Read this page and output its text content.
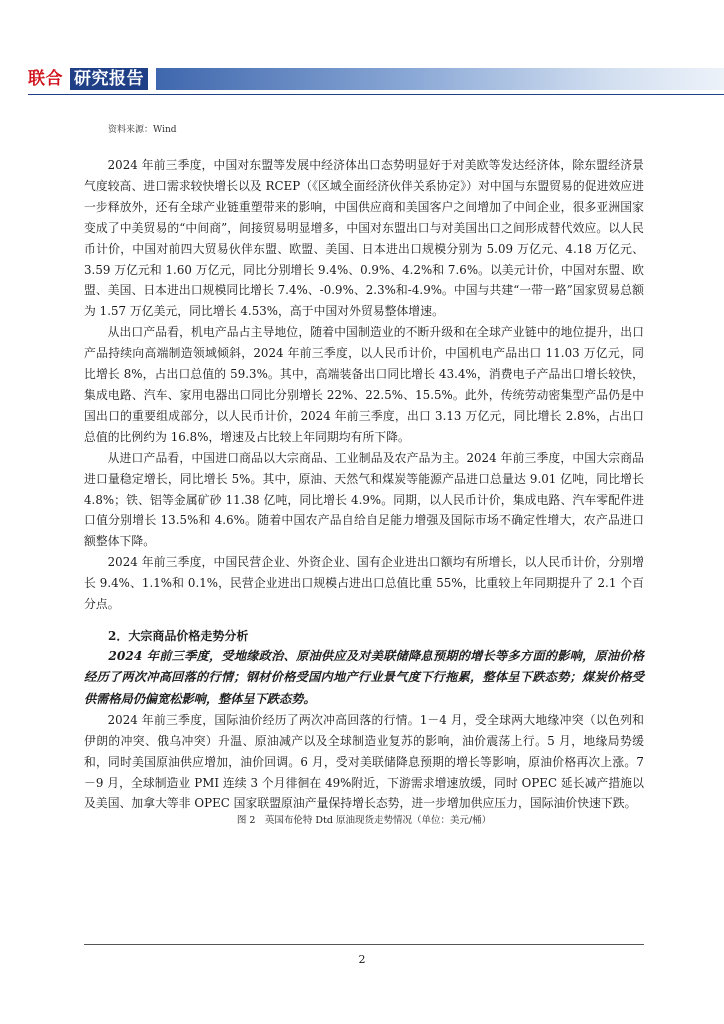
联合 研究报告
资料来源：Wind

2024 年前三季度，中国对东盟等发展中经济体出口态势明显好于对美欧等发达经济体，除东盟经济景气度较高、进口需求较快增长以及 RCEP（《区域全面经济伙伴关系协定》）对中国与东盟贸易的促进效应进一步释放外，还有全球产业链重塑带来的影响，中国供应商和美国客户之间增加了中间企业，很多亚洲国家变成了中美贸易的“中间商”，间接贸易明显增多，中国对东盟出口与对美国出口之间形成替代效应。以人民币计价，中国对前四大贸易伙伴东盟、欧盟、美国、日本进出口规模分别为 5.09 万亿元、4.18 万亿元、3.59 万亿元和 1.60 万亿元，同比分别增长 9.4%、0.9%、4.2%和 7.6%。以美元计价，中国对东盟、欧盟、美国、日本进出口规模同比增长 7.4%、-0.9%、2.3%和-4.9%。中国与共建“一带一路”国家贸易总额为 1.57 万亿美元，同比增长 4.53%，高于中国对外贸易整体增速。

从出口产品看，机电产品占主导地位，随着中国制造业的不断升级和在全球产业链中的地位提升，出口产品持续向高端制造领域倾斜，2024 年前三季度，以人民币计价，中国机电产品出口 11.03 万亿元，同比增长 8%，占出口总值的 59.3%。其中，高端装备出口同比增长 43.4%，消费电子产品出口增长较快，集成电路、汽车、家用电器出口同比分别增长 22%、22.5%、15.5%。此外，传统劳动密集型产品仍是中国出口的重要组成部分，以人民币计价，2024 年前三季度，出口 3.13 万亿元，同比增长 2.8%，占出口总值的比例约为 16.8%，增速及占比较上年同期均有所下降。

从进口产品看，中国进口商品以大宗商品、工业制品及农产品为主。2024 年前三季度，中国大宗商品进口量稳定增长，同比增长 5%。其中，原油、天然气和煤炭等能源产品进口总量达 9.01 亿吨，同比增长 4.8%；铁、铝等金属矿砂 11.38 亿吨，同比增长 4.9%。同期，以人民币计价，集成电路、汽车零配件进口值分别增长 13.5%和 4.6%。随着中国农产品自给自足能力增强及国际市场不确定性增大，农产品进口额整体下降。

2024 年前三季度，中国民营企业、外资企业、国有企业进出口额均有所增长，以人民币计价，分别增长 9.4%、1.1%和 0.1%，民营企业进出口规模占进出口总值比重 55%，比重较上年同期提升了 2.1 个百分点。

2．大宗商品价格走势分析

2024 年前三季度，受地缘政治、原油供应及对美联储降息预期的增长等多方面的影响，原油价格经历了两次冲高回落的行情；钢材价格受国内地产行业景气度下行拖累，整体呈下跌态势；煤炭价格受供需格局仍偏宽松影响，整体呈下跌态势。

2024 年前三季度，国际油价经历了两次冲高回落的行情。1－4 月，受全球两大地缘冲突（以色列和伊朗的冲突、俄乌冲突）升温、原油减产以及全球制造业复苏的影响，油价震荡上行。5 月，地缘局势缓和，同时美国原油供应增加，油价回调。6 月，受对美联储降息预期的增长等影响，原油价格再次上涨。7－9 月，全球制造业 PMI 连续 3 个月徘徊在 49%附近，下游需求增速放缓，同时 OPEC 延长减产措施以及美国、加拿大等非 OPEC 国家联盟原油产量保持增长态势，进一步增加供应压力，国际油价快速下跌。

图 2　英国布伦特 Dtd 原油现货走势情况（单位：美元/桶）

2
